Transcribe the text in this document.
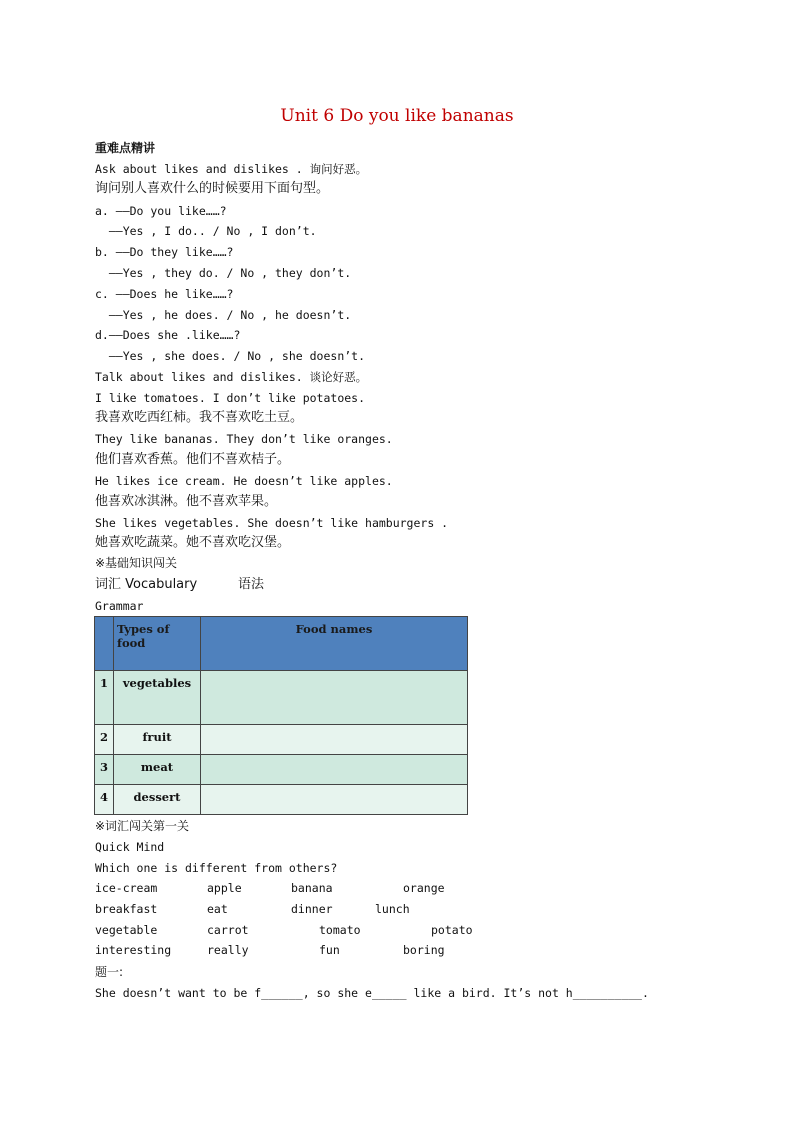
Unit 6 Do you like bananas
重难点精讲
Ask about likes and dislikes . 询问好恶。
询问别人喜欢什么的时候要用下面句型。
a. ——Do you like……?
——Yes , I do.. / No , I don’t.
b. ——Do they like……?
——Yes , they do. / No , they don’t.
c. ——Does he like……?
——Yes , he does. / No , he doesn’t.
d.——Does she .like……?
——Yes , she does. / No , she doesn’t.
Talk about likes and dislikes. 谈论好恶。
I like tomatoes. I don’t like potatoes.
我喜欢吃西红柿。我不喜欢吃土豆。
They like bananas. They don’t like oranges.
他们喜欢香蕉。他们不喜欢桔子。
He likes ice cream. He doesn’t like apples.
他喜欢冰淇淋。他不喜欢苹果。
She likes vegetables. She doesn’t like hamburgers .
她喜欢吃蔬菜。她不喜欢吃汉堡。
※基础知识闯关
词汇 Vocabulary	语法
Grammar
	Types of food	Food names
1	vegetables	
2	fruit	
3	meat	
4	dessert	
※词汇闯关第一关
Quick Mind
Which one is different from others?
ice-cream	apple	banana	orange
breakfast	eat	dinner	lunch
vegetable	carrot	tomato	potato
interesting	really	fun	boring
题一:
She doesn’t want to be f______, so she e_____ like a bird. It’s not h__________.
